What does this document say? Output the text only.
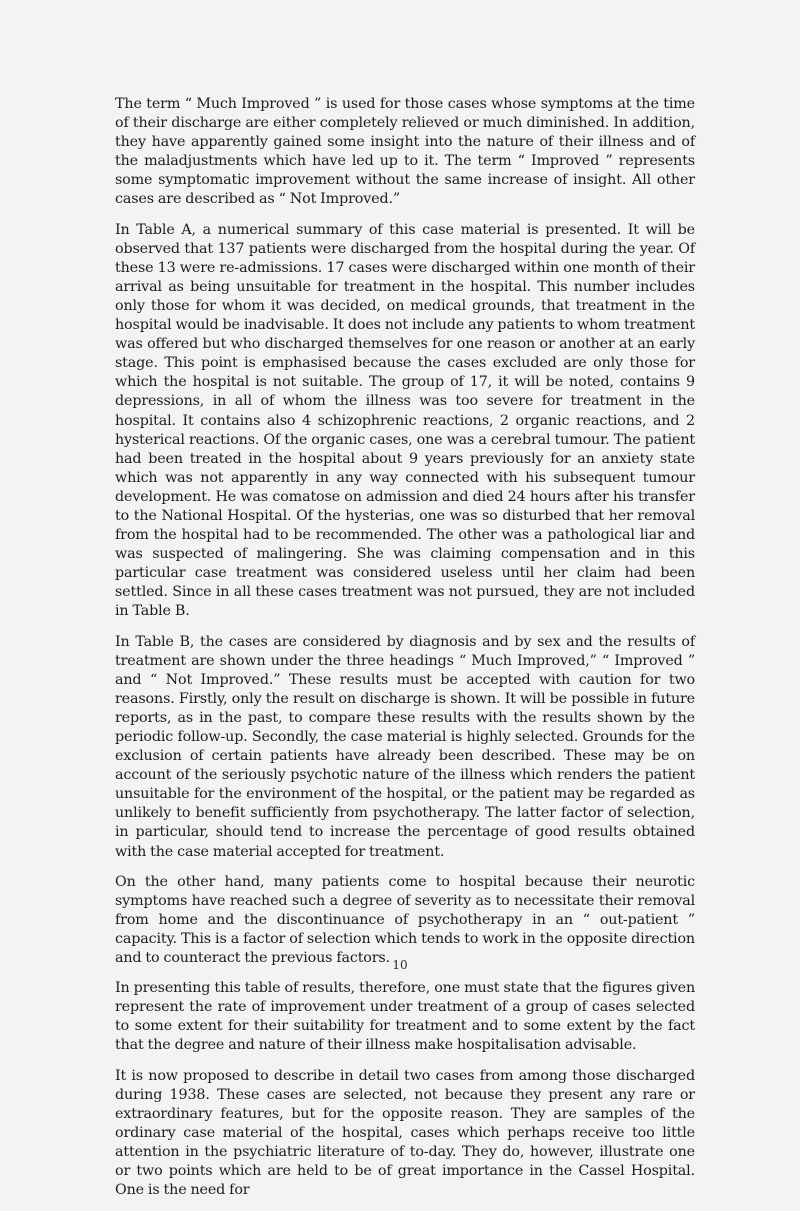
The term “ Much Improved ” is used for those cases whose symptoms at the time of their discharge are either completely relieved or much diminished. In addition, they have apparently gained some insight into the nature of their illness and of the maladjustments which have led up to it. The term “ Improved ” represents some symptomatic improvement without the same increase of insight. All other cases are described as “ Not Improved.”

In Table A, a numerical summary of this case material is presented. It will be observed that 137 patients were discharged from the hospital during the year. Of these 13 were re-admissions. 17 cases were discharged within one month of their arrival as being unsuitable for treatment in the hospital. This number includes only those for whom it was decided, on medical grounds, that treatment in the hospital would be inadvisable. It does not include any patients to whom treatment was offered but who discharged themselves for one reason or another at an early stage. This point is emphasised because the cases excluded are only those for which the hospital is not suitable. The group of 17, it will be noted, contains 9 depressions, in all of whom the illness was too severe for treatment in the hospital. It contains also 4 schizophrenic reactions, 2 organic reactions, and 2 hysterical reactions. Of the organic cases, one was a cerebral tumour. The patient had been treated in the hospital about 9 years previously for an anxiety state which was not apparently in any way connected with his subsequent tumour development. He was comatose on admission and died 24 hours after his transfer to the National Hospital. Of the hysterias, one was so disturbed that her removal from the hospital had to be recommended. The other was a pathological liar and was suspected of malingering. She was claiming compensation and in this particular case treatment was considered useless until her claim had been settled. Since in all these cases treatment was not pursued, they are not included in Table B.

In Table B, the cases are considered by diagnosis and by sex and the results of treatment are shown under the three headings “ Much Improved,” “ Improved ” and “ Not Improved.” These results must be accepted with caution for two reasons. Firstly, only the result on discharge is shown. It will be possible in future reports, as in the past, to compare these results with the results shown by the periodic follow-up. Secondly, the case material is highly selected. Grounds for the exclusion of certain patients have already been described. These may be on account of the seriously psychotic nature of the illness which renders the patient unsuitable for the environment of the hospital, or the patient may be regarded as unlikely to benefit sufficiently from psychotherapy. The latter factor of selection, in particular, should tend to increase the percentage of good results obtained with the case material accepted for treatment.

On the other hand, many patients come to hospital because their neurotic symptoms have reached such a degree of severity as to necessitate their removal from home and the discontinuance of psychotherapy in an “ out-patient ” capacity. This is a factor of selection which tends to work in the opposite direction and to counteract the previous factors.

In presenting this table of results, therefore, one must state that the figures given represent the rate of improvement under treatment of a group of cases selected to some extent for their suitability for treatment and to some extent by the fact that the degree and nature of their illness make hospitalisation advisable.

It is now proposed to describe in detail two cases from among those discharged during 1938. These cases are selected, not because they present any rare or extraordinary features, but for the opposite reason. They are samples of the ordinary case material of the hospital, cases which perhaps receive too little attention in the psychiatric literature of to-day. They do, however, illustrate one or two points which are held to be of great importance in the Cassel Hospital. One is the need for

10
